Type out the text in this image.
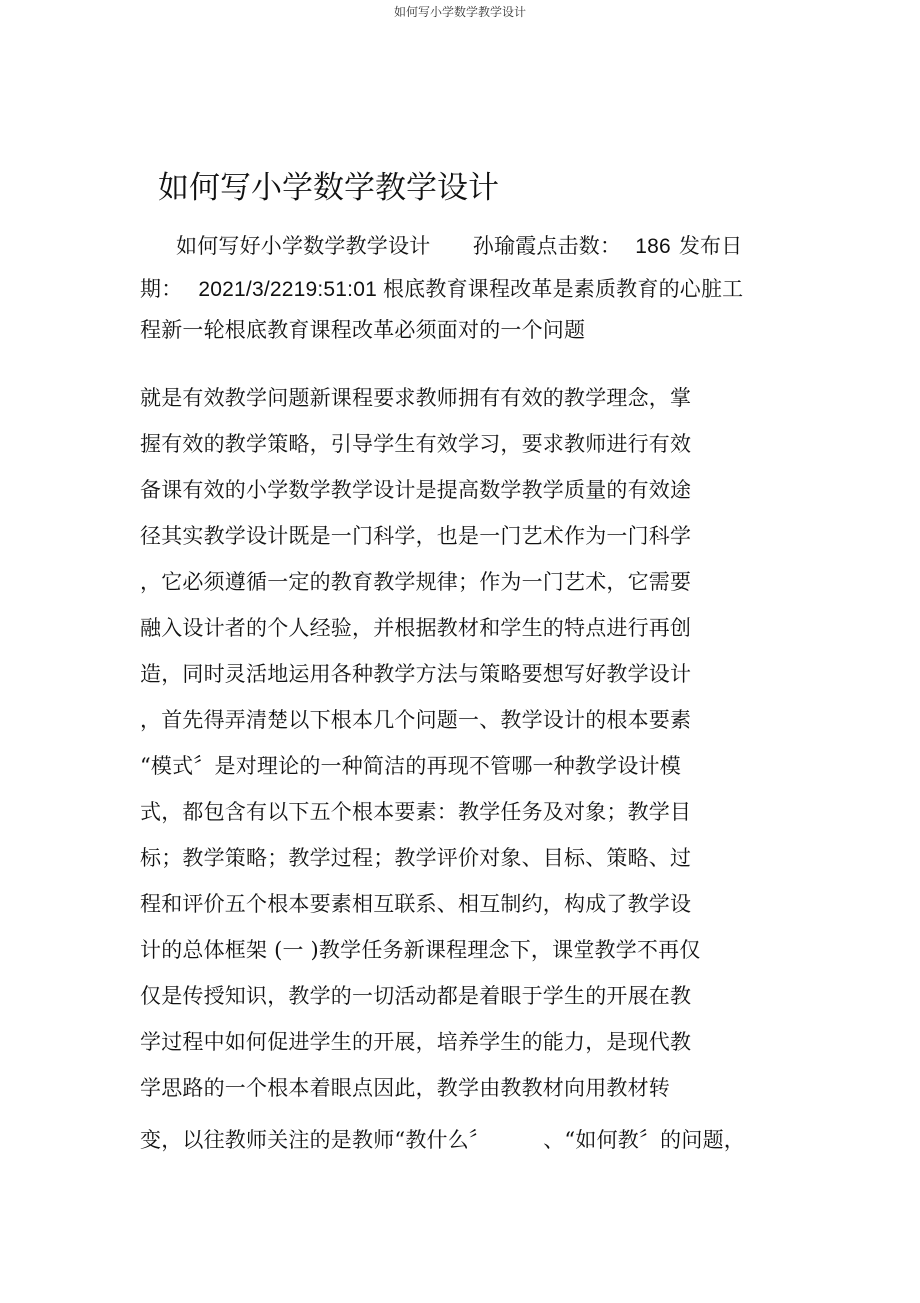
如何写小学数学教学设计
如何写小学数学教学设计
如何写好小学数学教学设计　　孙瑜霞点击数： 186 发布日
期： 2021/3/2219:51:01 根底教育课程改革是素质教育的心脏工
程新一轮根底教育课程改革必须面对的一个问题
就是有效教学问题新课程要求教师拥有有效的教学理念，掌
握有效的教学策略，引导学生有效学习，要求教师进行有效
备课有效的小学数学教学设计是提高数学教学质量的有效途
径其实教学设计既是一门科学，也是一门艺术作为一门科学
，它必须遵循一定的教育教学规律；作为一门艺术，它需要
融入设计者的个人经验，并根据教材和学生的特点进行再创
造，同时灵活地运用各种教学方法与策略要想写好教学设计
，首先得弄清楚以下根本几个问题一、教学设计的根本要素
“模式〞是对理论的一种简洁的再现不管哪一种教学设计模
式，都包含有以下五个根本要素：教学任务及对象；教学目
标；教学策略；教学过程；教学评价对象、目标、策略、过
程和评价五个根本要素相互联系、相互制约，构成了教学设
计的总体框架 (一 )教学任务新课程理念下，课堂教学不再仅
仅是传授知识，教学的一切活动都是着眼于学生的开展在教
学过程中如何促进学生的开展，培养学生的能力，是现代教
学思路的一个根本着眼点因此，教学由教教材向用教材转
变，以往教师关注的是教师“教什么〞　　　、“如何教〞的问题，
